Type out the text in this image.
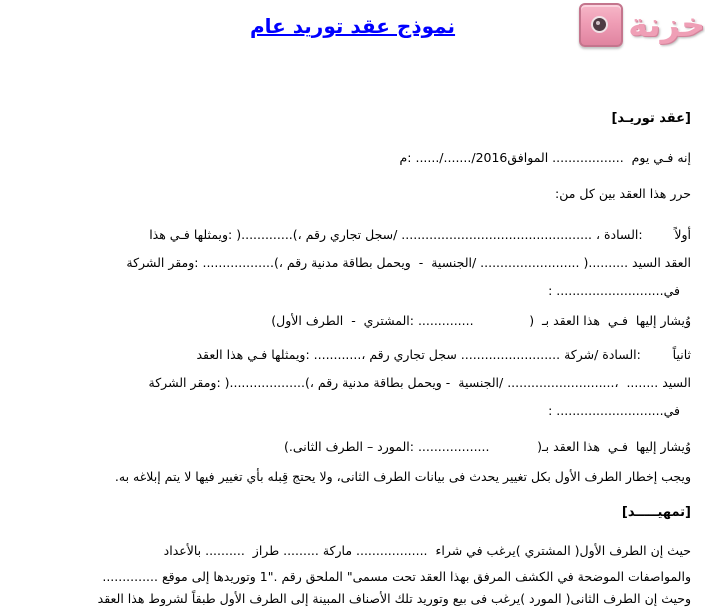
خزنة
نموذج عقد توريد عام
[عقد توريـد]
إنه فـي يوم  .................. الموافق2016/......./...... :م
حرر هذا العقد بين كل من:
أولاً        :السادة ، ................................................ /سجل تجاري رقم ،).............( :ويمثلها فـي هذا
العقد السيد ..........( ......................... /الجنسية  -  ويحمل بطاقة مدنية رقم ،).................. :ومقر الشركة
في........................... :
وُيشار إليها  فـي  هذا العقد بـ  (              .............. :المشتري  -  الطرف الأول)
ثانياً        :السادة /شركة ......................... سجل تجاري رقم ،............ :ويمثلها فـي هذا العقد
السيد ........  ،........................... /الجنسية  - ويحمل بطاقة مدنية رقم ،)...................( :ومقر الشركة
في........................... :
وُيشار إليها  فـي  هذا العقد بـ(            .................. :المورد – الطرف الثانى.)
ويجب إخطار الطرف الأول بكل تغيير يحدث فى بيانات الطرف الثانى، ولا يحتج قِبله بأي تغيير فيها لا يتم إبلاغه به.
[تمهيـــــد]
حيث إن الطرف الأول( المشتري )يرغب في شراء  .................. ماركة ......... طراز  .......... بالأعداد
والمواصفات الموضحة في الكشف المرفق بهذا العقد تحت مسمى" الملحق رقم ."1 وتوريدها إلى موقع ..............
وحيث إن الطرف الثانى( المورد )يرغب فى بيع وتوريد تلك الأصناف المبينة إلى الطرف الأول طبقاً لشروط هذا العقد
